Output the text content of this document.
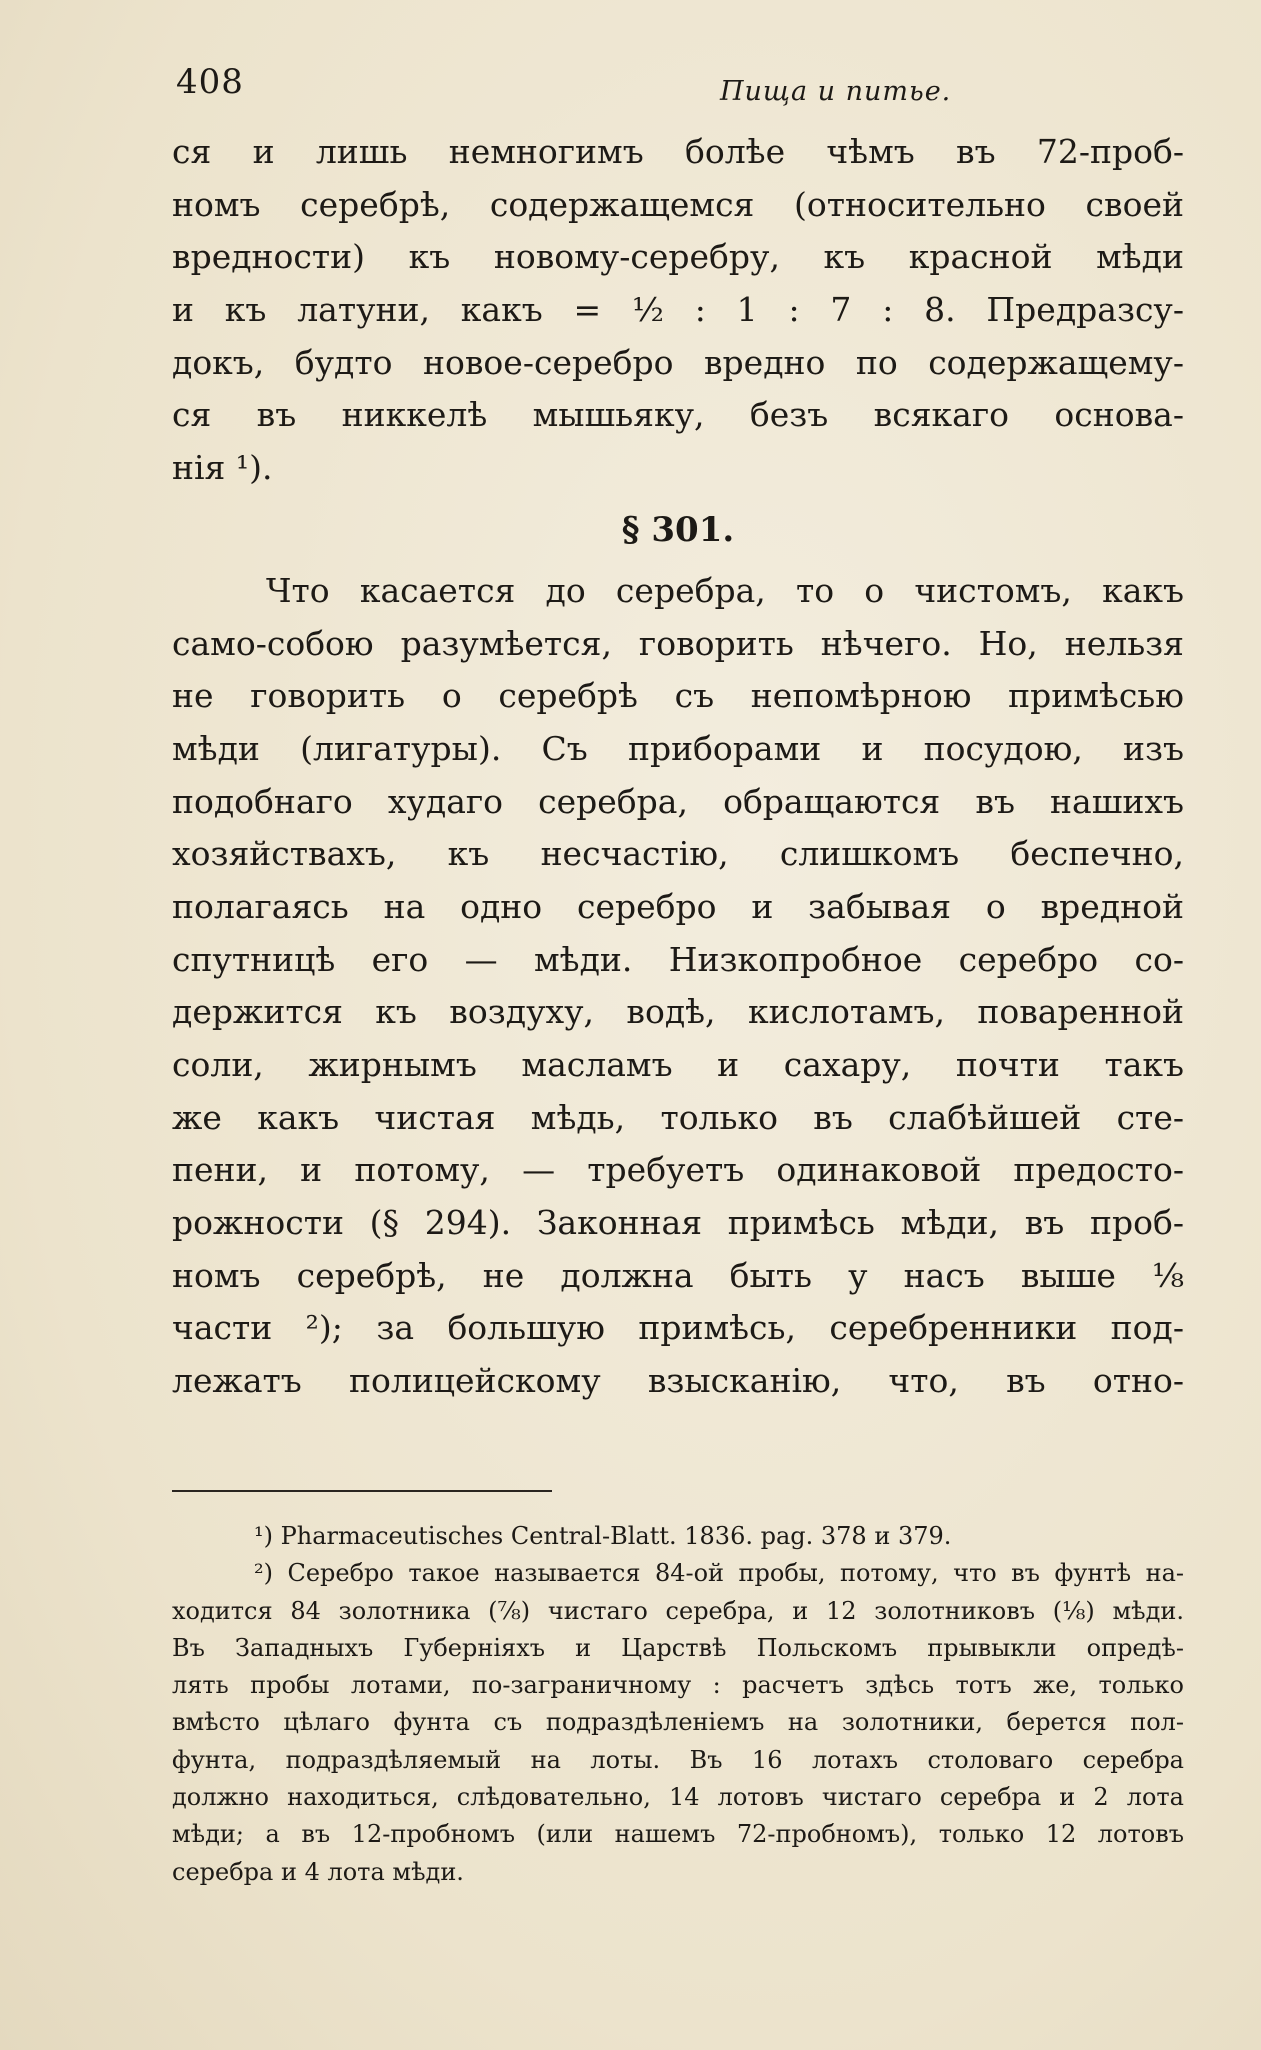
408	Пища и питье.
ся и лишь немногимъ болѣе чѣмъ въ 72-проб-
номъ серебрѣ, содержащемся (относительно своей
вредности) къ новому-серебру, къ красной мѣди
и къ латуни, какъ = ½ : 1 : 7 : 8. Предразсу-
докъ, будто новое-серебро вредно по содержащему-
ся въ никкелѣ мышьяку, безъ всякаго основа-
нія ¹).
§ 301.
Что касается до серебра, то о чистомъ, какъ
само-собою разумѣется, говорить нѣчего. Но, нельзя
не говорить о серебрѣ съ непомѣрною примѣсью
мѣди (лигатуры). Съ приборами и посудою, изъ
подобнаго худаго серебра, обращаются въ нашихъ
хозяйствахъ, къ несчастію, слишкомъ беспечно,
полагаясь на одно серебро и забывая о вредной
спутницѣ его — мѣди. Низкопробное серебро со-
держится къ воздуху, водѣ, кислотамъ, поваренной
соли, жирнымъ масламъ и сахару, почти такъ
же какъ чистая мѣдь, только въ слабѣйшей сте-
пени, и потому, — требуетъ одинаковой предосто-
рожности (§ 294). Законная примѣсь мѣди, въ проб-
номъ серебрѣ, не должна быть у насъ выше ⅛
части ²); за большую примѣсь, серебренники под-
лежатъ полицейскому взысканію, что, въ отно-
¹) Pharmaceutisches Central-Blatt. 1836. pag. 378 и 379.
²) Серебро такое называется 84-ой пробы, потому, что въ фунтѣ на-
ходится 84 золотника (⅞) чистаго серебра, и 12 золотниковъ (⅛) мѣди.
Въ Западныхъ Губерніяхъ и Царствѣ Польскомъ прывыкли опредѣ-
лять пробы лотами, по-заграничному : расчетъ здѣсь тотъ же, только
вмѣсто цѣлаго фунта съ подраздѣленіемъ на золотники, берется пол-
фунта, подраздѣляемый на лоты. Въ 16 лотахъ столоваго серебра
должно находиться, слѣдовательно, 14 лотовъ чистаго серебра и 2 лота
мѣди; а въ 12-пробномъ (или нашемъ 72-пробномъ), только 12 лотовъ
серебра и 4 лота мѣди.
